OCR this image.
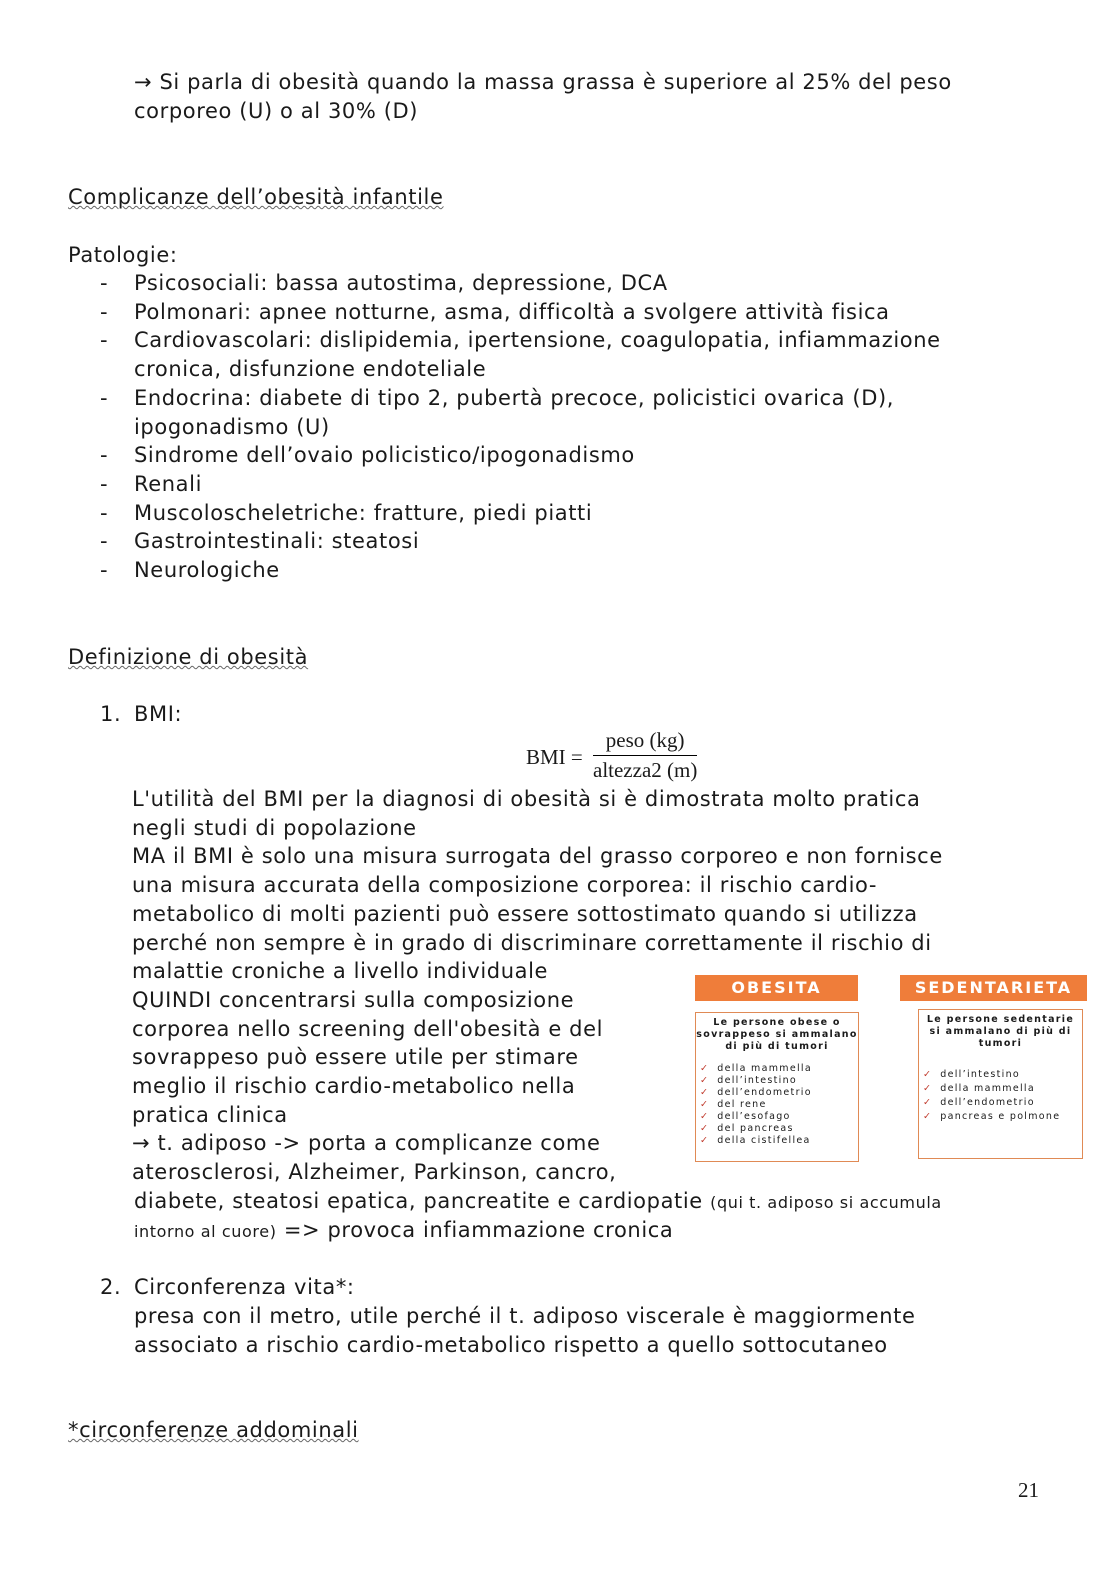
→ Si parla di obesità quando la massa grassa è superiore al 25% del peso
corporeo (U) o al 30% (D)
Complicanze dell’obesità infantile
Patologie:
- Psicosociali: bassa autostima, depressione, DCA
- Polmonari: apnee notturne, asma, difficoltà a svolgere attività fisica
- Cardiovascolari: dislipidemia, ipertensione, coagulopatia, infiammazione
cronica, disfunzione endoteliale
- Endocrina: diabete di tipo 2, pubertà precoce, policistici ovarica (D),
ipogonadismo (U)
- Sindrome dell’ovaio policistico/ipogonadismo
- Renali
- Muscoloscheletriche: fratture, piedi piatti
- Gastrointestinali: steatosi
- Neurologiche
Definizione di obesità
1. BMI:
BMI =
peso (kg)
altezza2 (m)
L'utilità del BMI per la diagnosi di obesità si è dimostrata molto pratica
negli studi di popolazione
MA il BMI è solo una misura surrogata del grasso corporeo e non fornisce
una misura accurata della composizione corporea: il rischio cardio-
metabolico di molti pazienti può essere sottostimato quando si utilizza
perché non sempre è in grado di discriminare correttamente il rischio di
malattie croniche a livello individuale
QUINDI concentrarsi sulla composizione
corporea nello screening dell'obesità e del
sovrappeso può essere utile per stimare
meglio il rischio cardio-metabolico nella
pratica clinica
→ t. adiposo -> porta a complicanze come
aterosclerosi, Alzheimer, Parkinson, cancro,
diabete, steatosi epatica, pancreatite e cardiopatie (qui t. adiposo si accumula
intorno al cuore) => provoca infiammazione cronica
2. Circonferenza vita*:
presa con il metro, utile perché il t. adiposo viscerale è maggiormente
associato a rischio cardio-metabolico rispetto a quello sottocutaneo
*circonferenze addominali
OBESITA
Le persone obese o sovrappeso si ammalano di più di tumori
✓ della mammella
✓ dell’intestino
✓ dell’endometrio
✓ del rene
✓ dell’esofago
✓ del pancreas
✓ della cistifellea
SEDENTARIETA
Le persone sedentarie si ammalano di più di tumori
✓ dell’intestino
✓ della mammella
✓ dell’endometrio
✓ pancreas e polmone
21
